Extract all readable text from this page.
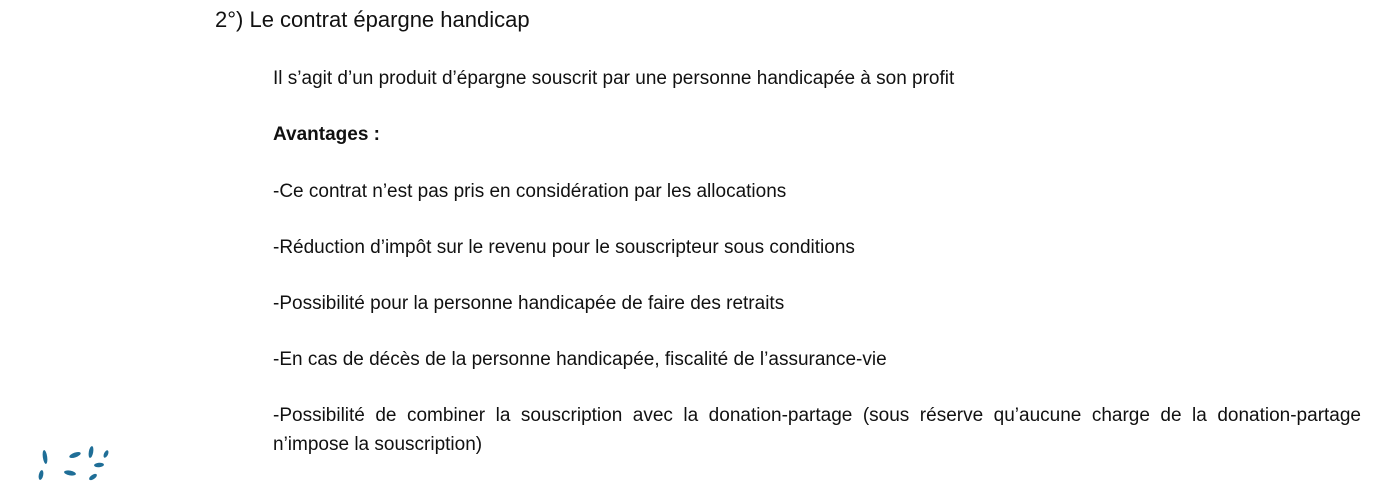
2°) Le contrat épargne handicap
Il s’agit d’un produit d’épargne souscrit par une personne handicapée à son profit
Avantages :
-Ce contrat n’est pas pris en considération par les allocations
-Réduction d’impôt sur le revenu pour le souscripteur sous conditions
-Possibilité pour la personne handicapée de faire des retraits
-En cas de décès de la personne handicapée, fiscalité de l’assurance-vie
-Possibilité de combiner la souscription avec la donation-partage (sous réserve qu’aucune charge de la donation-partage n’impose la souscription)
